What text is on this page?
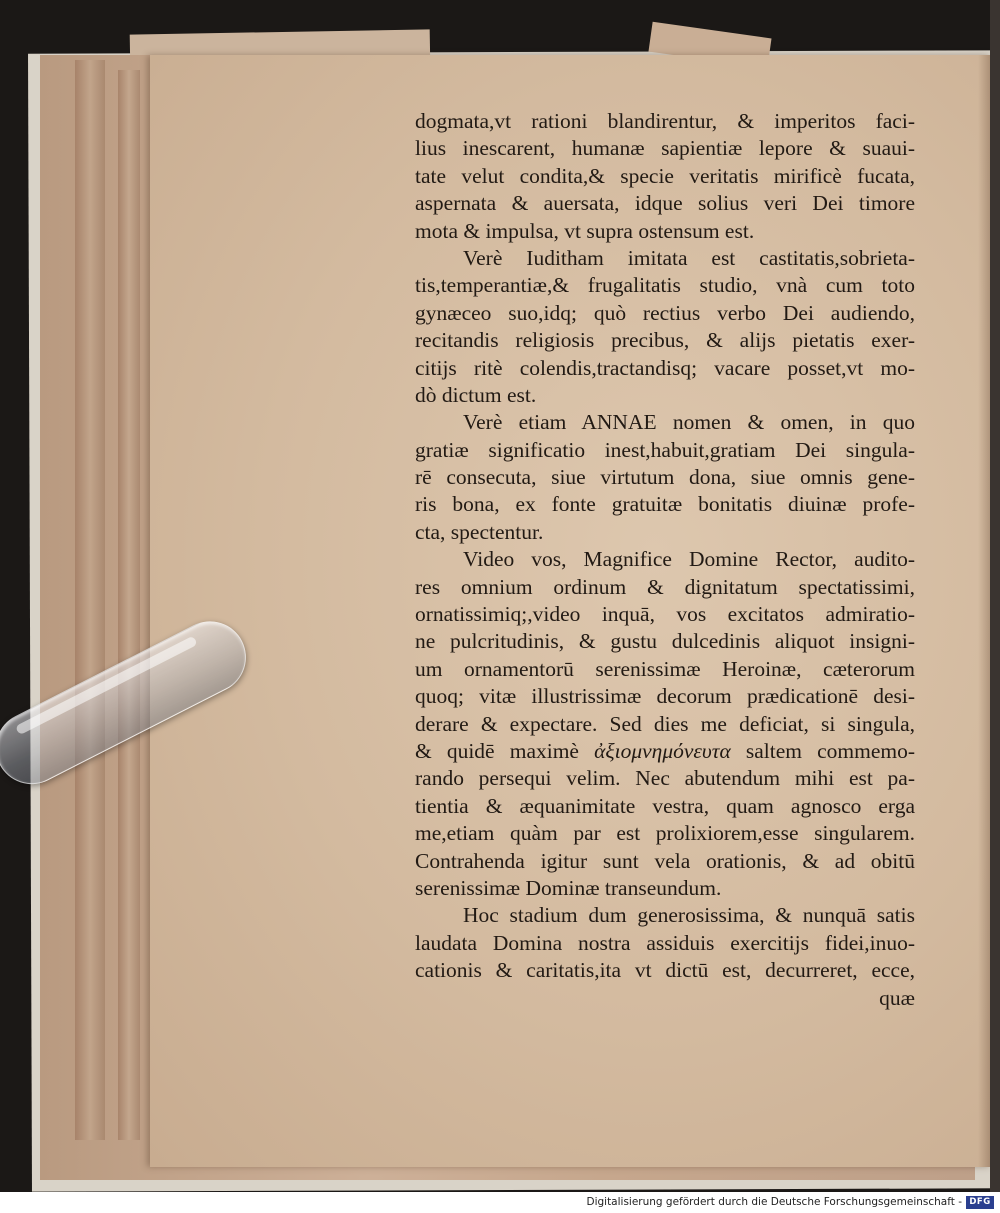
dogmata,vt rationi blandirentur, & imperitos faci-
lius inescarent, humanæ sapientiæ lepore & suaui-
tate velut condita,& specie veritatis mirificè fucata,
aspernata & auersata, idque solius veri Dei timore
mota & impulsa, vt supra ostensum est.
Verè Iuditham imitata est castitatis,sobrieta-
tis,temperantiæ,& frugalitatis studio, vnà cum toto
gynæceo suo,idq; quò rectius verbo Dei audiendo,
recitandis religiosis precibus, & alijs pietatis exer-
citijs ritè colendis,tractandisq; vacare posset,vt mo-
dò dictum est.
Verè etiam ANNAE nomen & omen, in quo
gratiæ significatio inest,habuit,gratiam Dei singula-
rē consecuta, siue virtutum dona, siue omnis gene-
ris bona, ex fonte gratuitæ bonitatis diuinæ profe-
cta, spectentur.
Video vos, Magnifice Domine Rector, audito-
res omnium ordinum & dignitatum spectatissimi,
ornatissimiq;,video inquā, vos excitatos admiratio-
ne pulcritudinis, & gustu dulcedinis aliquot insigni-
um ornamentorū serenissimæ Heroinæ, cæterorum
quoq; vitæ illustrissimæ decorum prædicationē desi-
derare & expectare. Sed dies me deficiat, si singula,
& quidē maximè ἀξιομνημόνευτα saltem commemo-
rando persequi velim. Nec abutendum mihi est pa-
tientia & æquanimitate vestra, quam agnosco erga
me,etiam quàm par est prolixiorem,esse singularem.
Contrahenda igitur sunt vela orationis, & ad obitū
serenissimæ Dominæ transeundum.
Hoc stadium dum generosissima, & nunquā satis
laudata Domina nostra assiduis exercitijs fidei,inuo-
cationis & caritatis,ita vt dictū est, decurreret, ecce,
quæ
Digitalisierung gefördert durch die Deutsche Forschungsgemeinschaft - DFG
